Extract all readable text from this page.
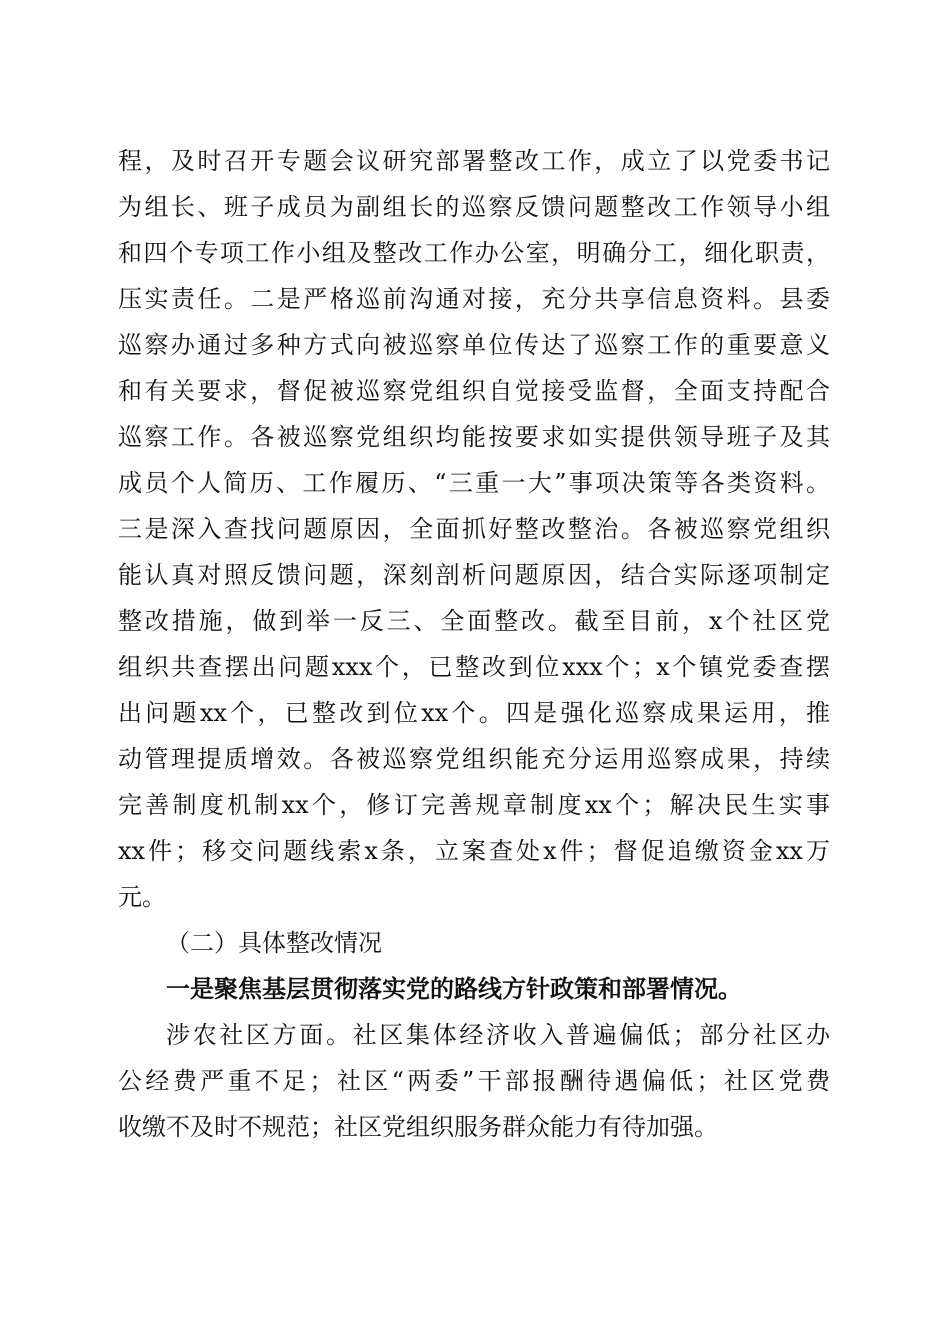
程，及时召开专题会议研究部署整改工作，成立了以党委书记
为组长、班子成员为副组长的巡察反馈问题整改工作领导小组
和四个专项工作小组及整改工作办公室，明确分工，细化职责，
压实责任。二是严格巡前沟通对接，充分共享信息资料。县委
巡察办通过多种方式向被巡察单位传达了巡察工作的重要意义
和有关要求，督促被巡察党组织自觉接受监督，全面支持配合
巡察工作。各被巡察党组织均能按要求如实提供领导班子及其
成员个人简历、工作履历、“三重一大”事项决策等各类资料。
三是深入查找问题原因，全面抓好整改整治。各被巡察党组织
能认真对照反馈问题，深刻剖析问题原因，结合实际逐项制定
整改措施，做到举一反三、全面整改。截至目前，x个社区党
组织共查摆出问题xxx个，已整改到位xxx个；x个镇党委查摆
出问题xx个，已整改到位xx个。四是强化巡察成果运用，推
动管理提质增效。各被巡察党组织能充分运用巡察成果，持续
完善制度机制xx个，修订完善规章制度xx个；解决民生实事
xx件；移交问题线索x条，立案查处x件；督促追缴资金xx万
元。
（二）具体整改情况
一是聚焦基层贯彻落实党的路线方针政策和部署情况。
涉农社区方面。社区集体经济收入普遍偏低；部分社区办
公经费严重不足；社区“两委”干部报酬待遇偏低；社区党费
收缴不及时不规范；社区党组织服务群众能力有待加强。
